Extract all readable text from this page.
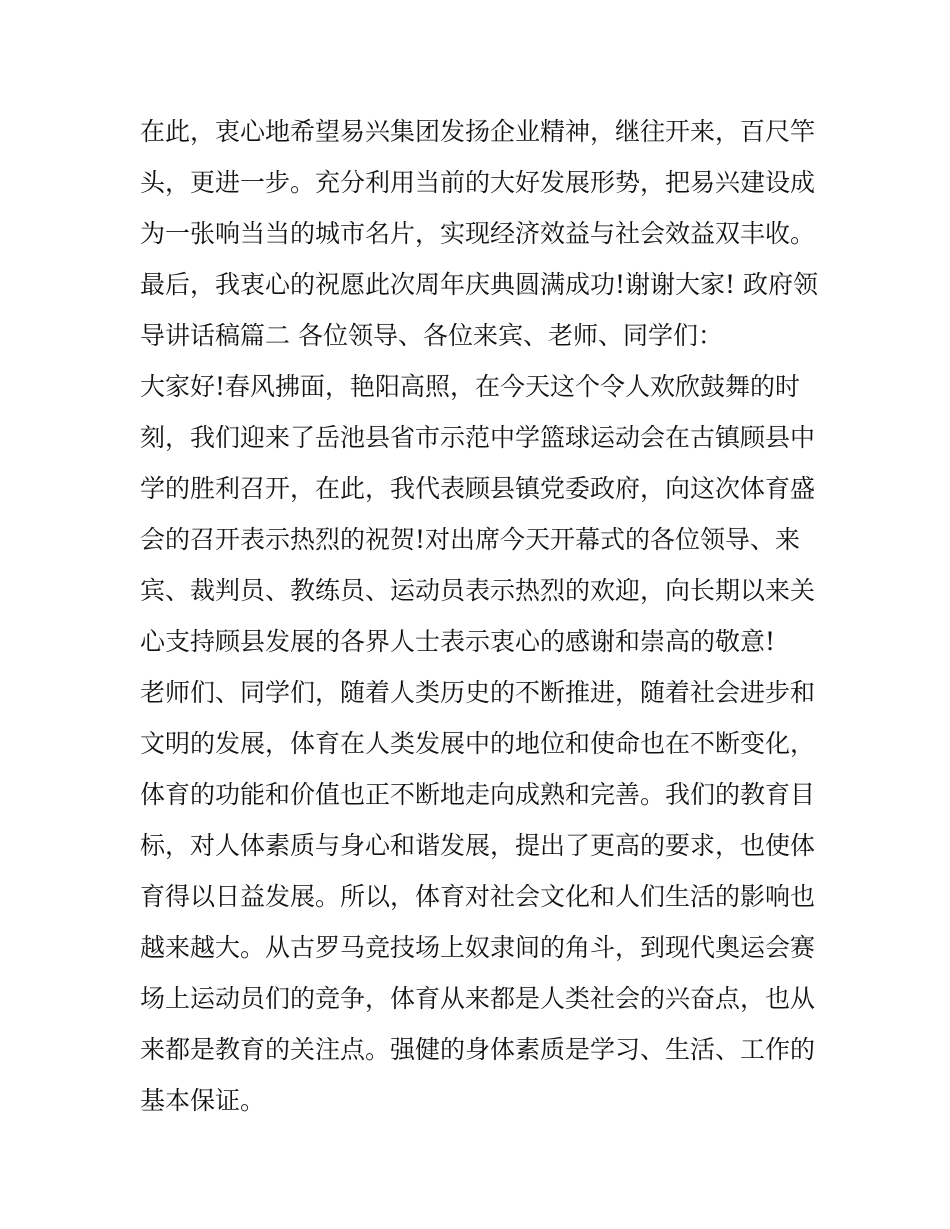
在此，衷心地希望易兴集团发扬企业精神，继往开来，百尺竿
头，更进一步。充分利用当前的大好发展形势，把易兴建设成
为一张响当当的城市名片，实现经济效益与社会效益双丰收。
最后，我衷心的祝愿此次周年庆典圆满成功!谢谢大家! 政府领
导讲话稿篇二 各位领导、各位来宾、老师、同学们：
大家好!春风拂面，艳阳高照，在今天这个令人欢欣鼓舞的时
刻，我们迎来了岳池县省市示范中学篮球运动会在古镇顾县中
学的胜利召开，在此，我代表顾县镇党委政府，向这次体育盛
会的召开表示热烈的祝贺!对出席今天开幕式的各位领导、来
宾、裁判员、教练员、运动员表示热烈的欢迎，向长期以来关
心支持顾县发展的各界人士表示衷心的感谢和崇高的敬意!
老师们、同学们，随着人类历史的不断推进，随着社会进步和
文明的发展，体育在人类发展中的地位和使命也在不断变化，
体育的功能和价值也正不断地走向成熟和完善。我们的教育目
标，对人体素质与身心和谐发展，提出了更高的要求，也使体
育得以日益发展。所以，体育对社会文化和人们生活的影响也
越来越大。从古罗马竞技场上奴隶间的角斗，到现代奥运会赛
场上运动员们的竞争，体育从来都是人类社会的兴奋点，也从
来都是教育的关注点。强健的身体素质是学习、生活、工作的
基本保证。
